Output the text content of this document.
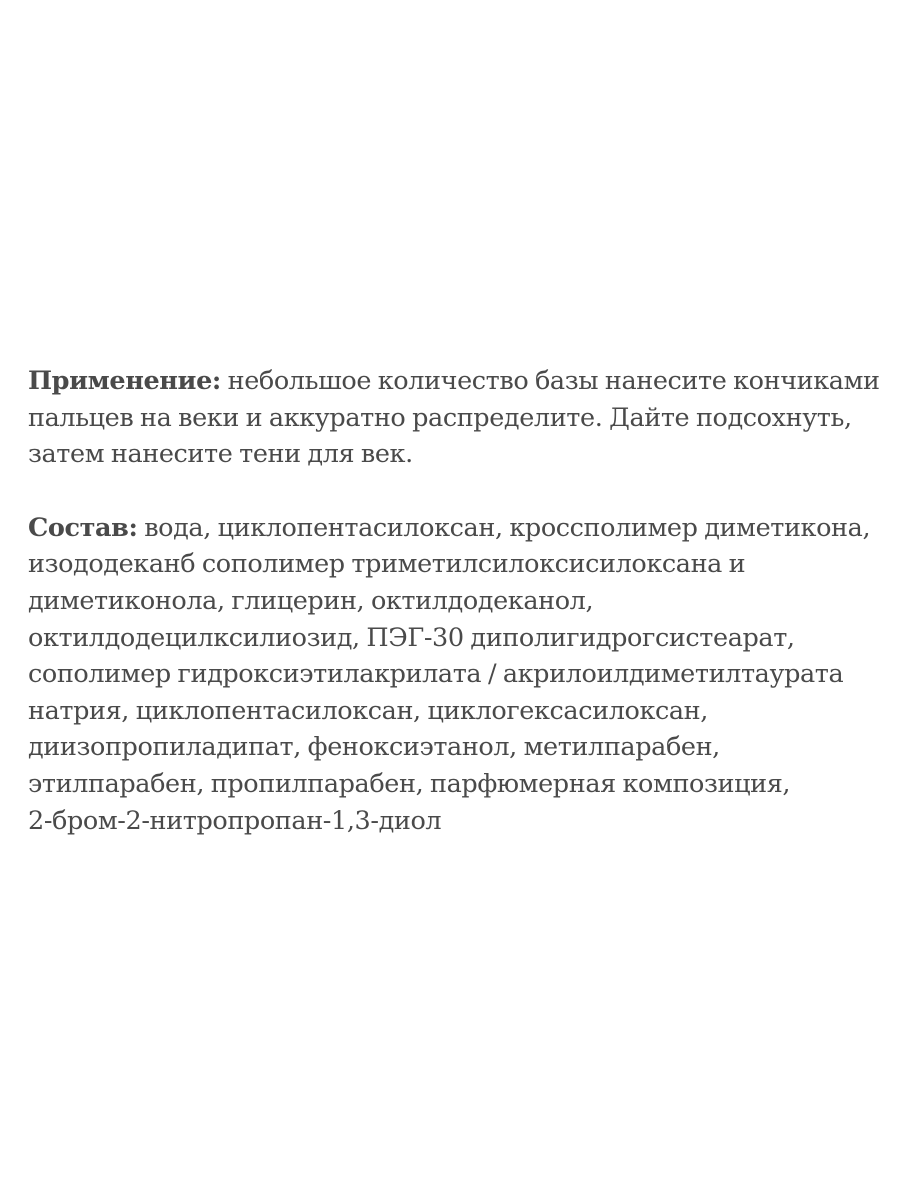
Применение: небольшое количество базы нанесите кончиками
пальцев на веки и аккуратно распределите. Дайте подсохнуть,
затем нанесите тени для век.

Состав: вода, циклопентасилоксан, кроссполимер диметикона,
изододеканб сополимер триметилсилоксисилоксана и
диметиконола, глицерин, октилдодеканол,
октилдодецилксилиозид, ПЭГ-30 диполигидрогсистеарат,
сополимер гидроксиэтилакрилата / акрилоилдиметилтаурата
натрия, циклопентасилоксан, циклогексасилоксан,
диизопропиладипат, феноксиэтанол, метилпарабен,
этилпарабен, пропилпарабен, парфюмерная композиция,
2-бром-2-нитропропан-1,3-диол
